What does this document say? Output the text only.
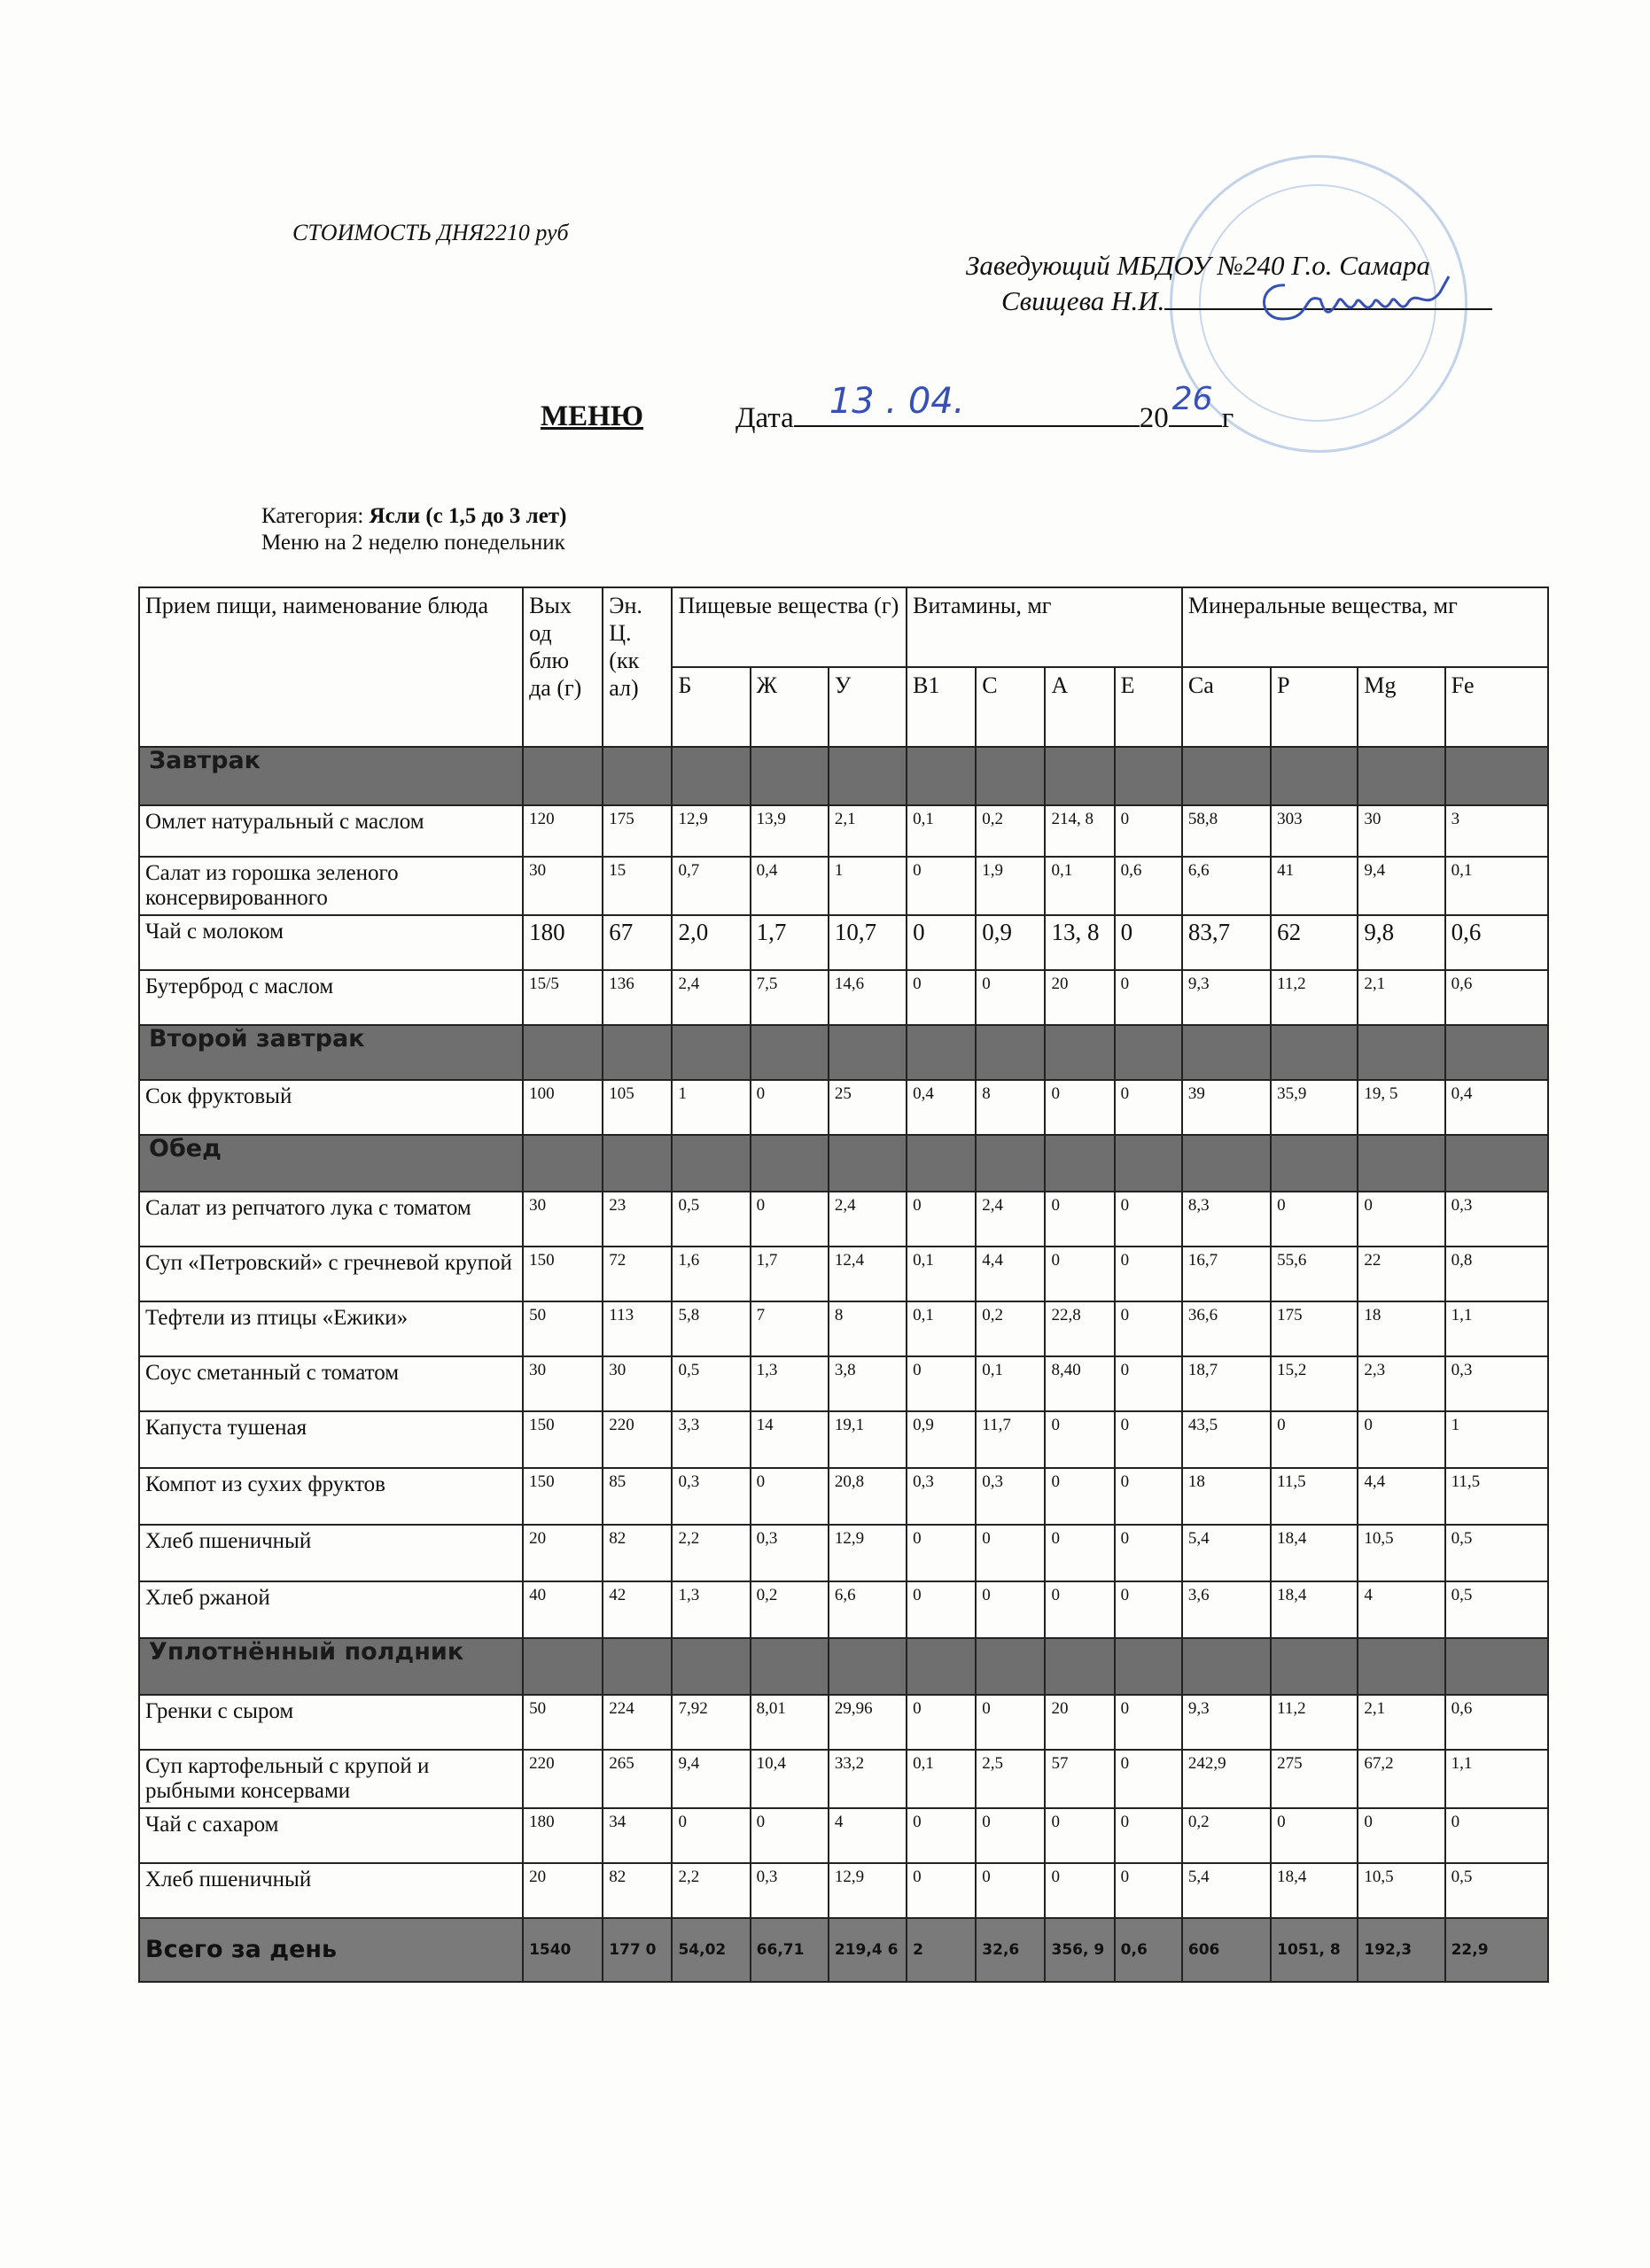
СТОИМОСТЬ ДНЯ2210 руб
Заведующий МБДОУ №240 Г.о. Самара
Свищева Н.И.
МЕНЮ	Дата 13 . 04.	20
26
г
Категория: Ясли (с 1,5 до 3 лет)
Меню на 2 неделю понедельник
Прием пищи, наименование блюда	Вых од блю да (г)	Эн. Ц. (кк ал)	Пищевые вещества (г)			Витамины, мг				Минеральные вещества, мг			
			Б	Ж	У	В1	С	А	Е	Са	Р	Mg	Fe
Завтрак													
Омлет натуральный с маслом	120	175	12,9	13,9	2,1	0,1	0,2	214, 8	0	58,8	303	30	3
Салат из горошка зеленого консервированного	30	15	0,7	0,4	1	0	1,9	0,1	0,6	6,6	41	9,4	0,1
Чай с молоком	180	67	2,0	1,7	10,7	0	0,9	13, 8	0	83,7	62	9,8	0,6
Бутерброд с маслом	15/5	136	2,4	7,5	14,6	0	0	20	0	9,3	11,2	2,1	0,6
Второй завтрак													
Сок фруктовый	100	105	1	0	25	0,4	8	0	0	39	35,9	19, 5	0,4
Обед													
Салат из репчатого лука с томатом	30	23	0,5	0	2,4	0	2,4	0	0	8,3	0	0	0,3
Суп «Петровский» с гречневой крупой	150	72	1,6	1,7	12,4	0,1	4,4	0	0	16,7	55,6	22	0,8
Тефтели из птицы «Ежики»	50	113	5,8	7	8	0,1	0,2	22,8	0	36,6	175	18	1,1
Соус сметанный с томатом	30	30	0,5	1,3	3,8	0	0,1	8,40	0	18,7	15,2	2,3	0,3
Капуста тушеная	150	220	3,3	14	19,1	0,9	11,7	0	0	43,5	0	0	1
Компот из сухих фруктов	150	85	0,3	0	20,8	0,3	0,3	0	0	18	11,5	4,4	11,5
Хлеб пшеничный	20	82	2,2	0,3	12,9	0	0	0	0	5,4	18,4	10,5	0,5
Хлеб ржаной	40	42	1,3	0,2	6,6	0	0	0	0	3,6	18,4	4	0,5
Уплотнённый полдник													
Гренки с сыром	50	224	7,92	8,01	29,96	0	0	20	0	9,3	11,2	2,1	0,6
Суп картофельный с крупой и рыбными консервами	220	265	9,4	10,4	33,2	0,1	2,5	57	0	242,9	275	67,2	1,1
Чай с сахаром	180	34	0	0	4	0	0	0	0	0,2	0	0	0
Хлеб пшеничный	20	82	2,2	0,3	12,9	0	0	0	0	5,4	18,4	10,5	0,5
Всего за день	1540	177 0	54,02	66,71	219,4 6	2	32,6	356, 9	0,6	606	1051, 8	192,3	22,9
